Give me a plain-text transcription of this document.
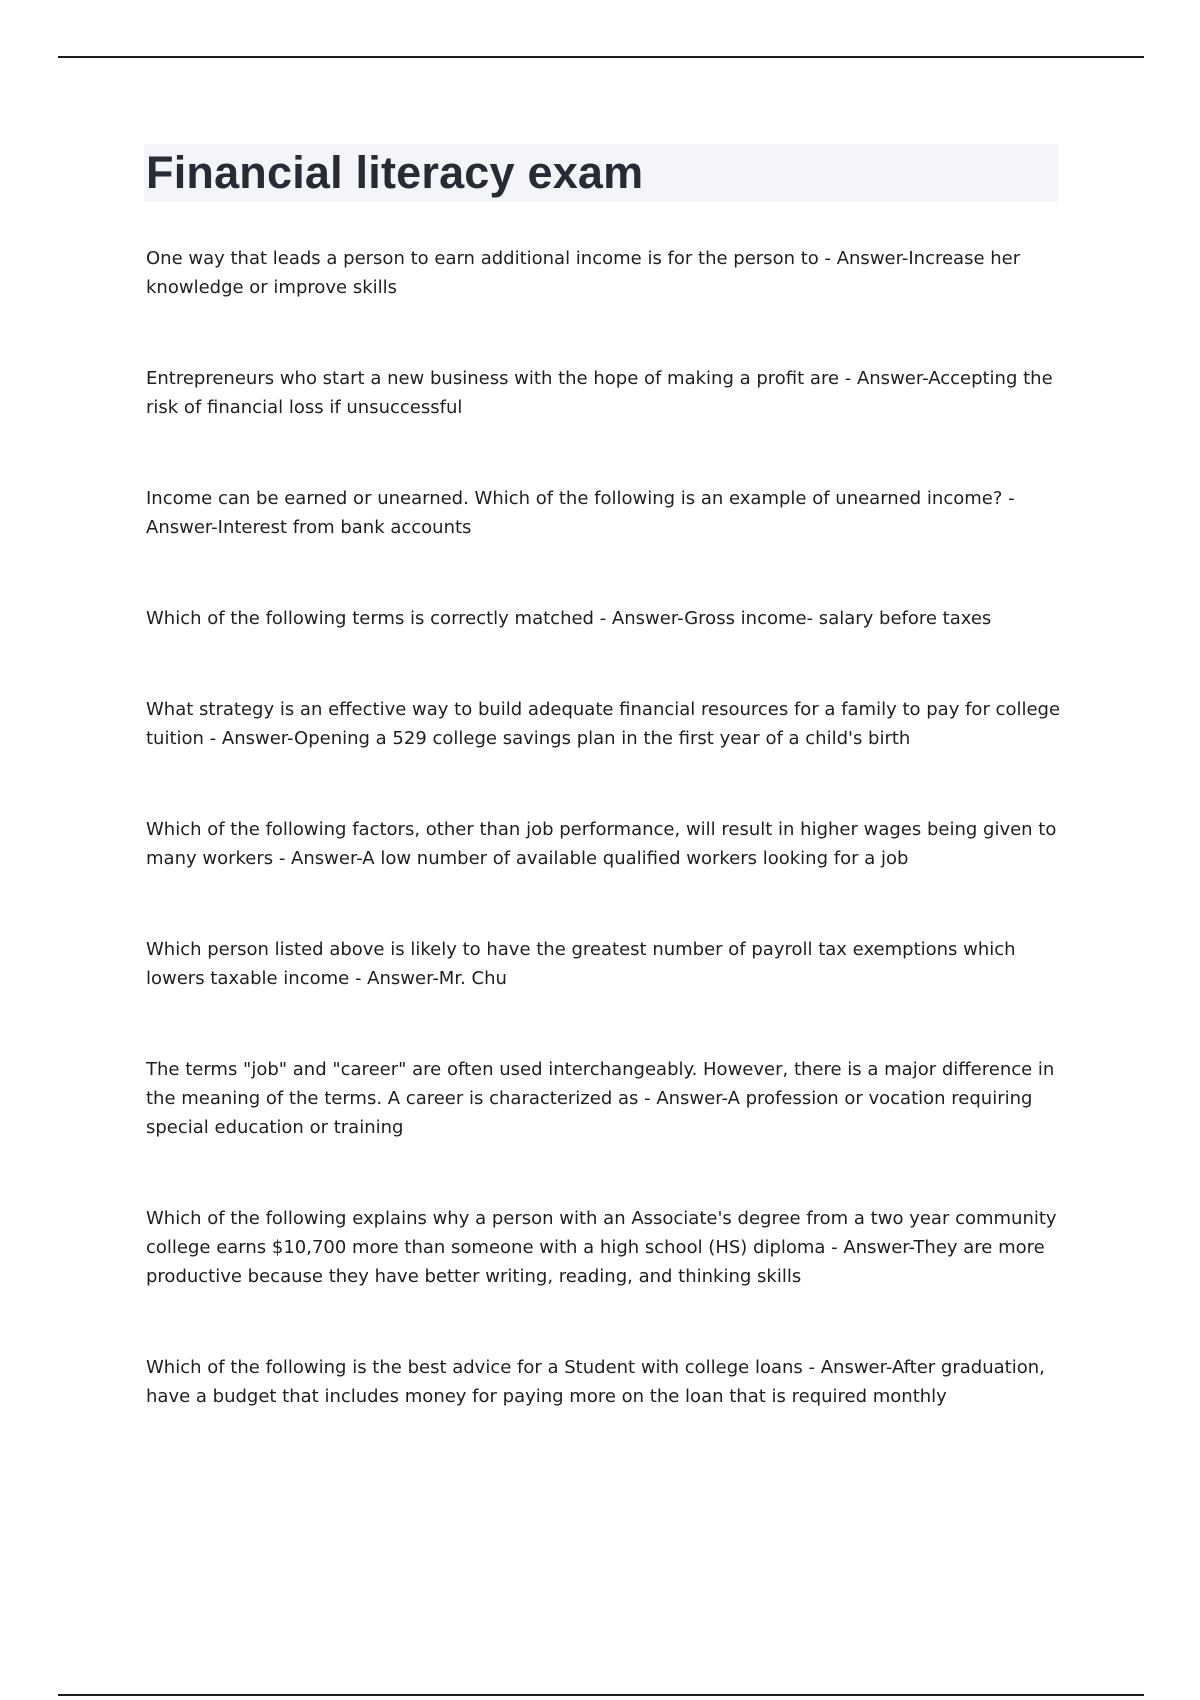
Financial literacy exam
One way that leads a person to earn additional income is for the person to - Answer-Increase her knowledge or improve skills
Entrepreneurs who start a new business with the hope of making a profit are - Answer-Accepting the risk of financial loss if unsuccessful
Income can be earned or unearned. Which of the following is an example of unearned income? - Answer-Interest from bank accounts
Which of the following terms is correctly matched - Answer-Gross income- salary before taxes
What strategy is an effective way to build adequate financial resources for a family to pay for college tuition - Answer-Opening a 529 college savings plan in the first year of a child's birth
Which of the following factors, other than job performance, will result in higher wages being given to many workers - Answer-A low number of available qualified workers looking for a job
Which person listed above is likely to have the greatest number of payroll tax exemptions which lowers taxable income - Answer-Mr. Chu
The terms "job" and "career" are often used interchangeably. However, there is a major difference in the meaning of the terms. A career is characterized as - Answer-A profession or vocation requiring special education or training
Which of the following explains why a person with an Associate's degree from a two year community college earns $10,700 more than someone with a high school (HS) diploma - Answer-They are more productive because they have better writing, reading, and thinking skills
Which of the following is the best advice for a Student with college loans - Answer-After graduation, have a budget that includes money for paying more on the loan that is required monthly
